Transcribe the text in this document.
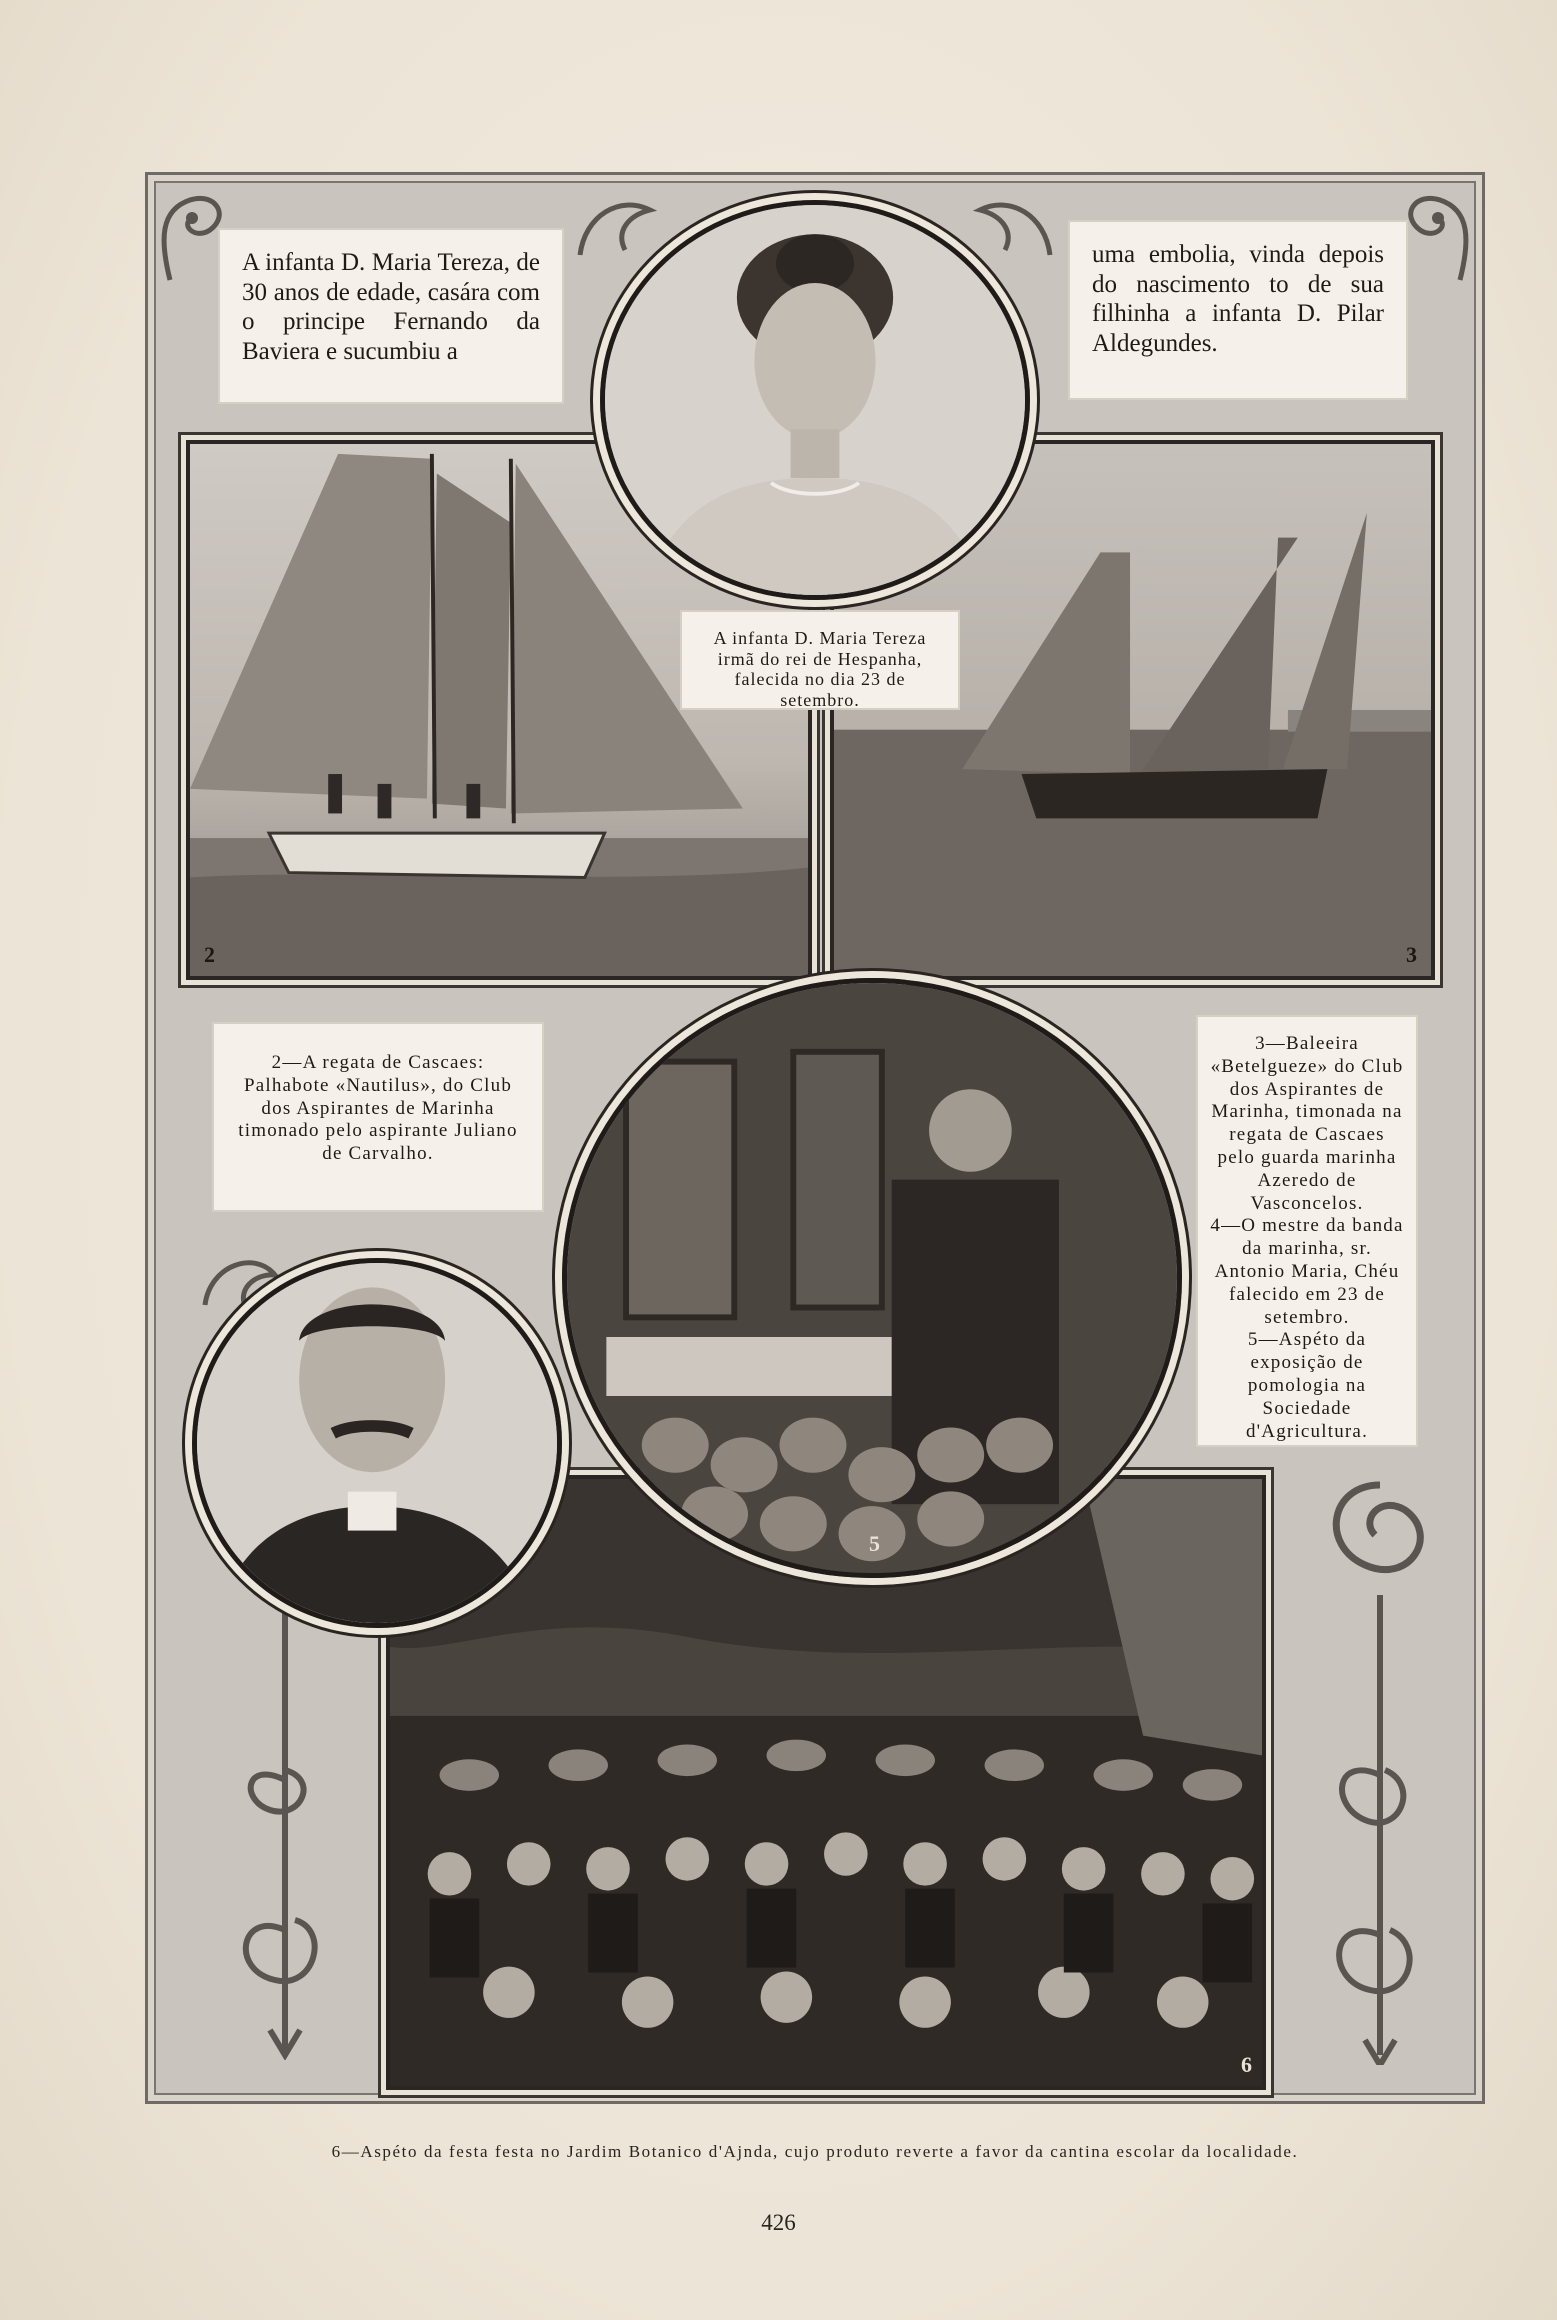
A infanta D. Maria Tereza, de 30 anos de edade, casára com o principe Fernando da Baviera e sucumbiu a
uma embolia, vinda depois do nascimento to de sua filhinha a infanta D. Pilar Aldegundes.
2	3
A infanta D. Maria Tereza irmã do rei de Hespanha, falecida no dia 23 de setembro.
2—A regata de Cascaes: Palhabote «Nautilus», do Club dos Aspirantes de Marinha timonado pelo aspirante Juliano de Carvalho.

3—Baleeira «Betelgueze» do Club dos Aspirantes de Marinha, timonada na regata de Cascaes pelo guarda marinha Azeredo de Vasconcelos.

4—O mestre da banda da marinha, sr. Antonio Maria, Chéu falecido em 23 de setembro.

5—Aspéto da exposição de pomologia na Sociedade d'Agricultura.

6
5
4
6—Aspéto da festa festa no Jardim Botanico d'Ajnda, cujo produto reverte a favor da cantina escolar da localidade.
426
